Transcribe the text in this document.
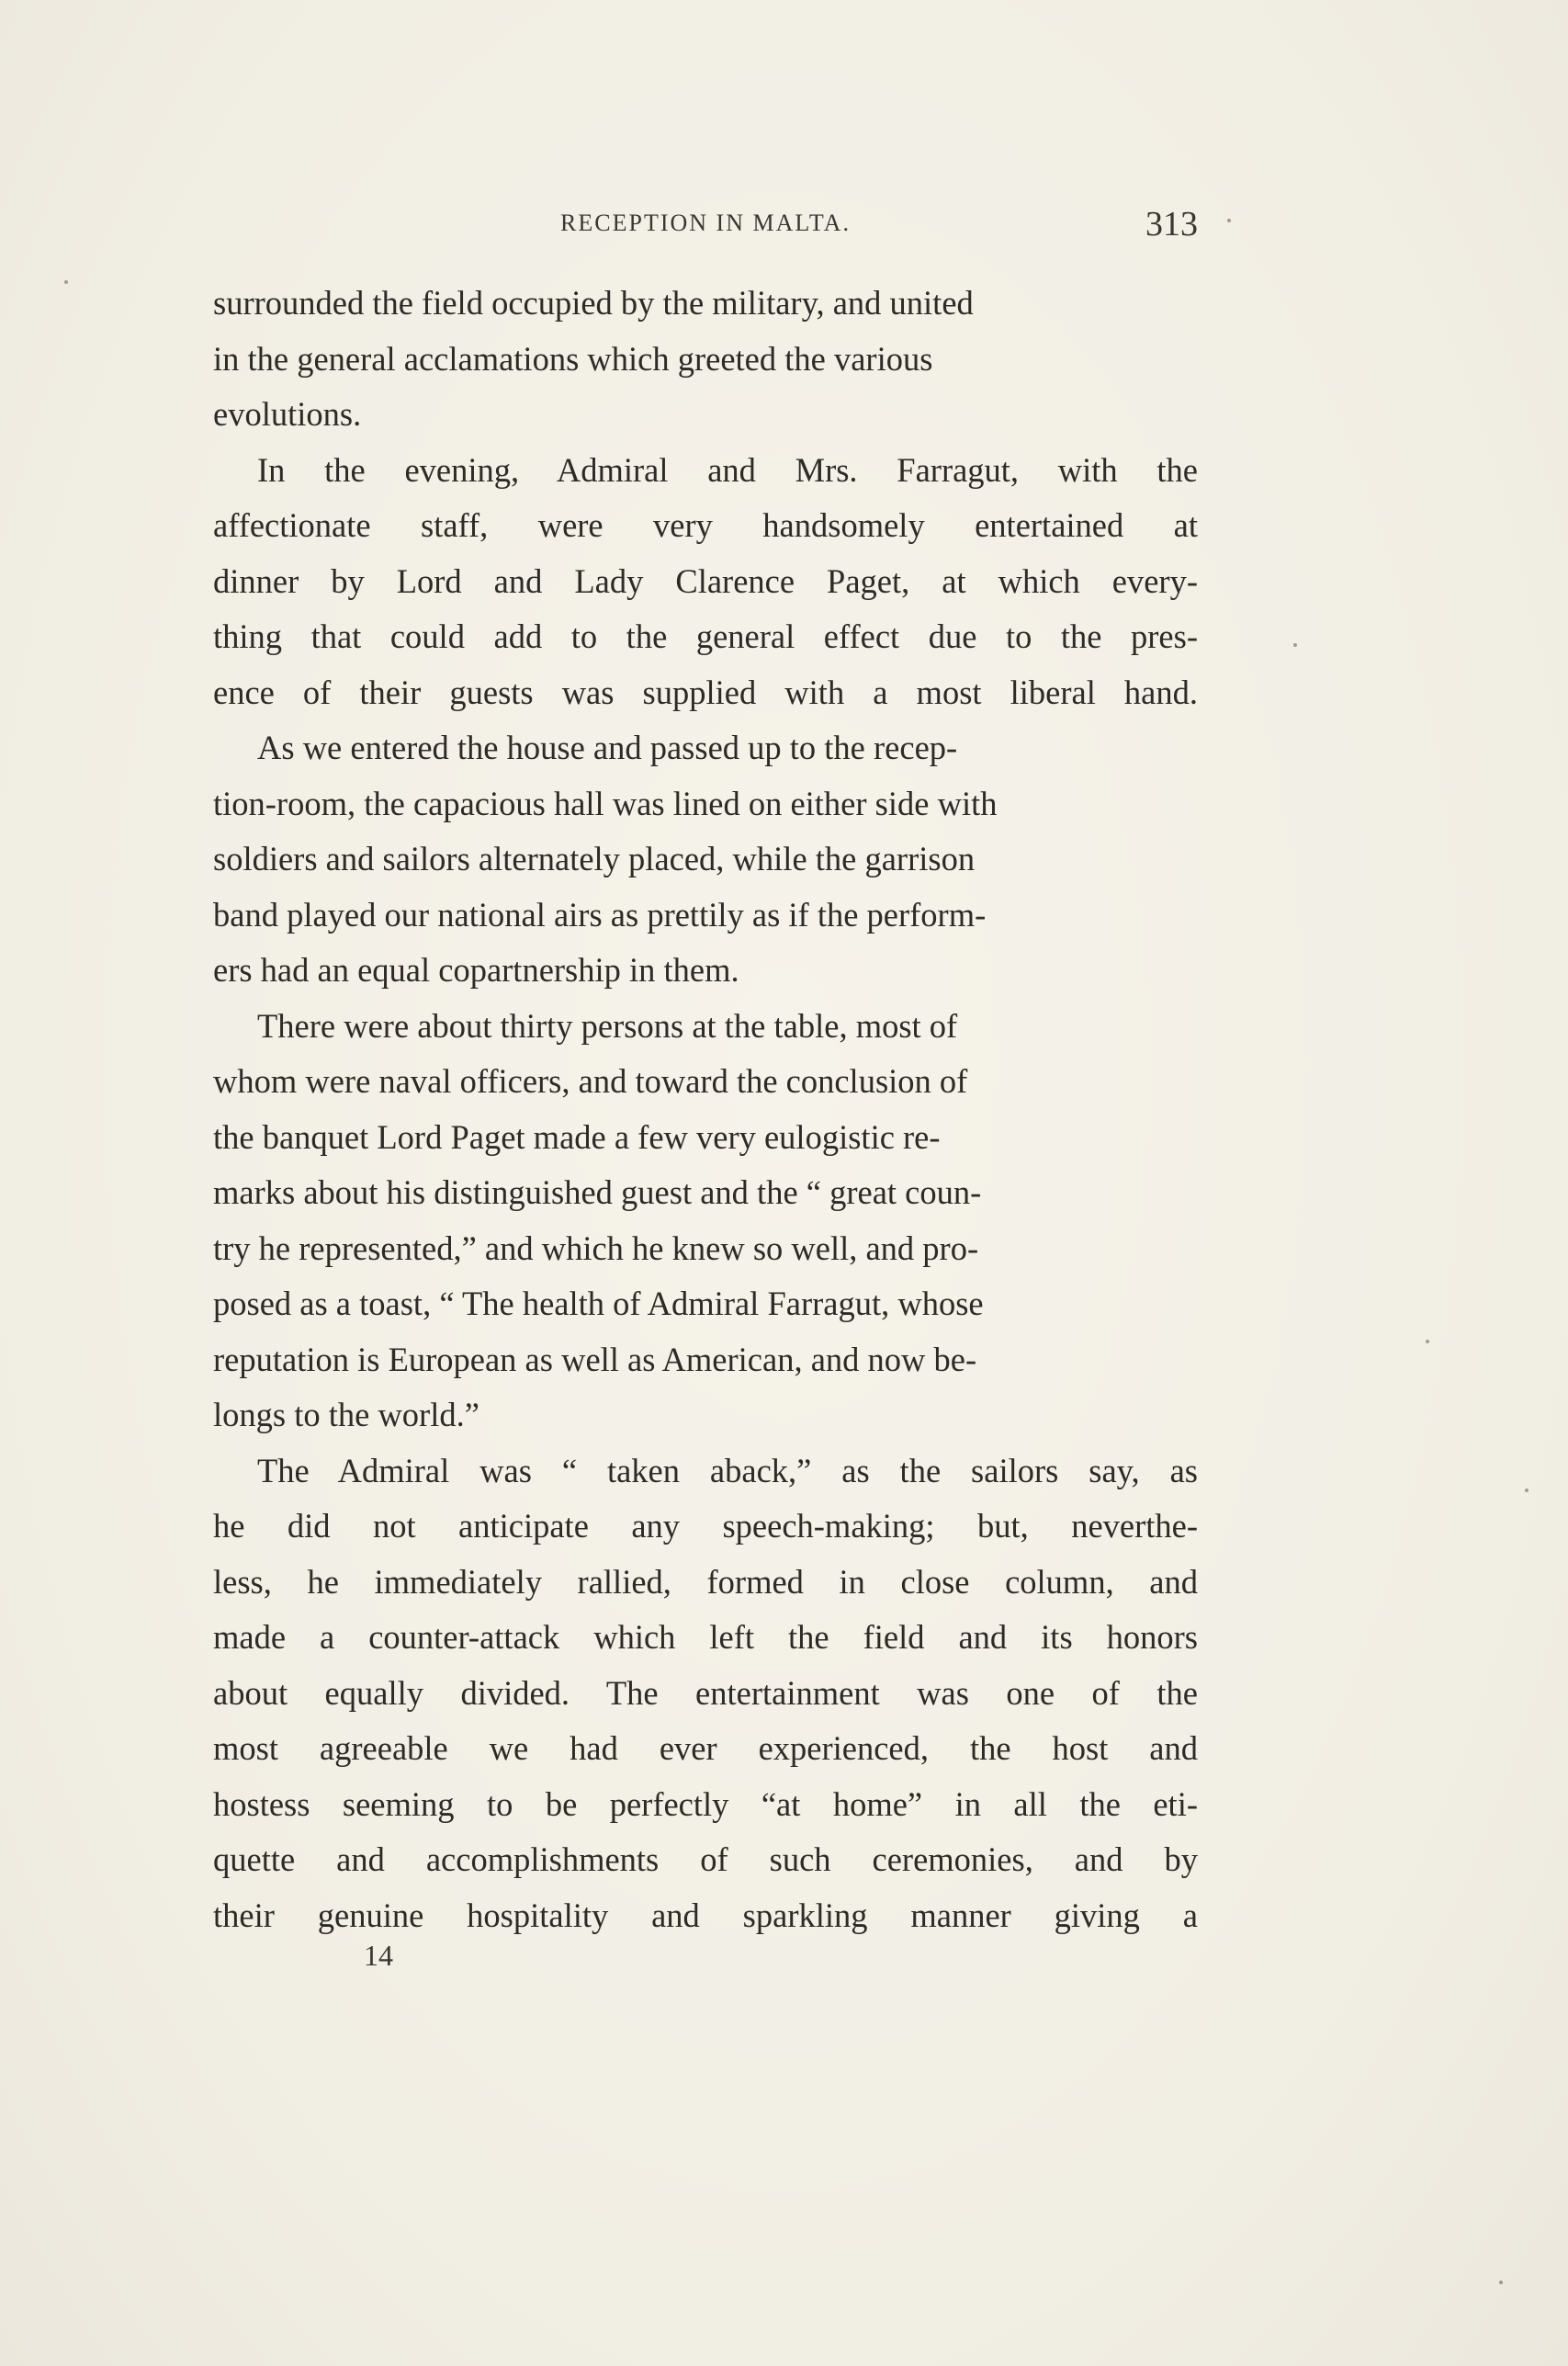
RECEPTION IN MALTA.	313

surrounded the field occupied by the military, and united
in the general acclamations which greeted the various
evolutions.

In the evening, Admiral and Mrs. Farragut, with the
affectionate staff, were very handsomely entertained at
dinner by Lord and Lady Clarence Paget, at which every-
thing that could add to the general effect due to the pres-
ence of their guests was supplied with a most liberal hand.

As we entered the house and passed up to the recep-
tion-room, the capacious hall was lined on either side with
soldiers and sailors alternately placed, while the garrison
band played our national airs as prettily as if the perform-
ers had an equal copartnership in them.

There were about thirty persons at the table, most of
whom were naval officers, and toward the conclusion of
the banquet Lord Paget made a few very eulogistic re-
marks about his distinguished guest and the “ great coun-
try he represented,” and which he knew so well, and pro-
posed as a toast, “ The health of Admiral Farragut, whose
reputation is European as well as American, and now be-
longs to the world.”

The Admiral was “ taken aback,” as the sailors say, as
he did not anticipate any speech-making; but, neverthe-
less, he immediately rallied, formed in close column, and
made a counter-attack which left the field and its honors
about equally divided. The entertainment was one of the
most agreeable we had ever experienced, the host and
hostess seeming to be perfectly “at home” in all the eti-
quette and accomplishments of such ceremonies, and by
their genuine hospitality and sparkling manner giving a

14
